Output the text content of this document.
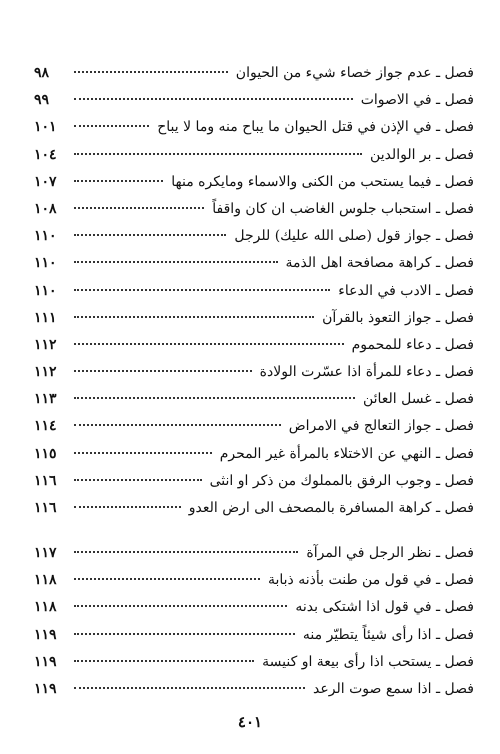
فصل ـ عدم جواز خصاء شيء من الحيوان
٩٨
فصل ـ في الاصوات
٩٩
فصل ـ في الإذن في قتل الحيوان ما يباح منه وما لا يباح
١٠١
فصل ـ بر الوالدين
١٠٤
فصل ـ فيما يستحب من الكنى والاسماء ومايكره منها
١٠٧
فصل ـ استحباب جلوس الغاضب ان كان واقفاً
١٠٨
فصل ـ جواز قول (صلى الله عليك) للرجل
١١٠
فصل ـ كراهة مصافحة اهل الذمة
١١٠
فصل ـ الادب في الدعاء
١١٠
فصل ـ جواز التعوذ بالقرآن
١١١
فصل ـ دعاء للمحموم
١١٢
فصل ـ دعاء للمرأة اذا عسّرت الولادة
١١٢
فصل ـ غسل العائن
١١٣
فصل ـ جواز التعالج في الامراض
١١٤
فصل ـ النهي عن الاختلاء بالمرأة غير المحرم
١١٥
فصل ـ وجوب الرفق بالمملوك من ذكر او انثى
١١٦
فصل ـ كراهة المسافرة بالمصحف الى ارض العدو
١١٦
فصل ـ نظر الرجل في المرآة
١١٧
فصل ـ في قول من طنت بأذنه ذبابة
١١٨
فصل ـ في قول اذا اشتكى بدنه
١١٨
فصل ـ اذا رأى شيئاً يتطيّر منه
١١٩
فصل ـ يستحب اذا رأى بيعة او كنيسة
١١٩
فصل ـ اذا سمع صوت الرعد
١١٩
٤٠١
